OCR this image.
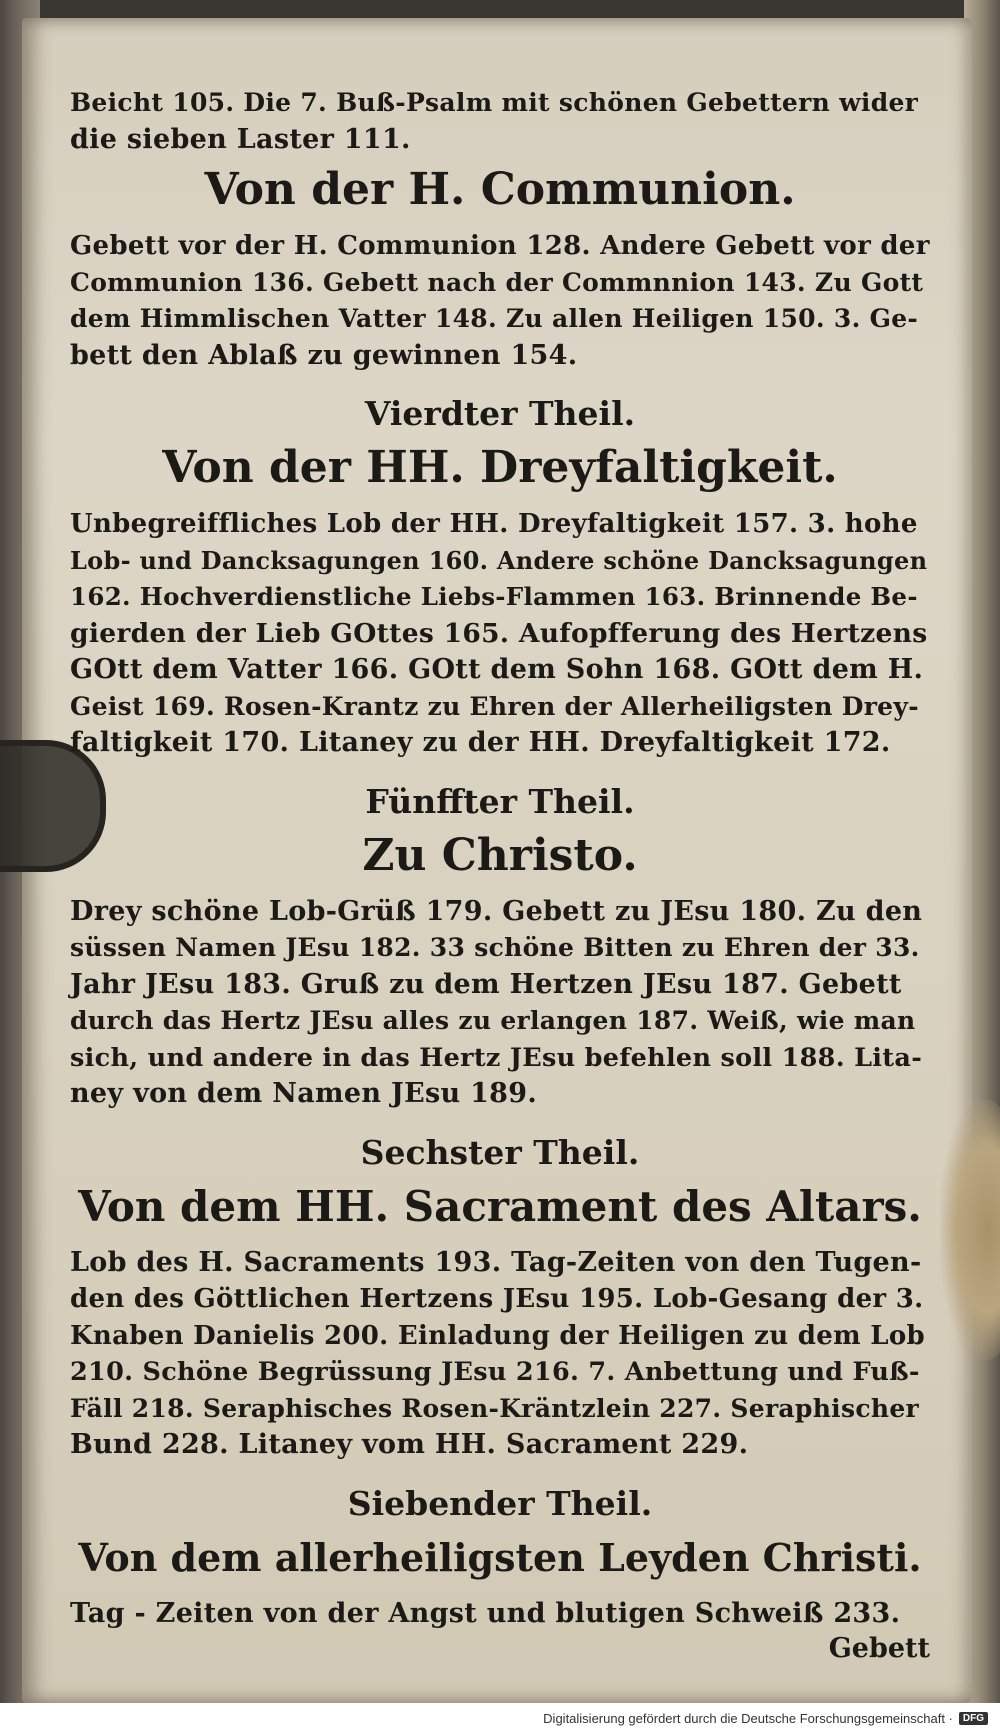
Beicht 105. Die 7. Buß-Psalm mit schönen Gebettern wider
die sieben Laster 111.

Von der H. Communion.

Gebett vor der H. Communion 128. Andere Gebett vor der
Communion 136. Gebett nach der Commnnion 143. Zu Gott
dem Himmlischen Vatter 148. Zu allen Heiligen 150. 3. Ge-
bett den Ablaß zu gewinnen 154.

Vierdter Theil.
Von der HH. Dreyfaltigkeit.

Unbegreiffliches Lob der HH. Dreyfaltigkeit 157. 3. hohe
Lob- und Dancksagungen 160. Andere schöne Dancksagungen
162. Hochverdienstliche Liebs-Flammen 163. Brinnende Be-
gierden der Lieb GOttes 165. Aufopfferung des Hertzens
GOtt dem Vatter 166. GOtt dem Sohn 168. GOtt dem H.
Geist 169. Rosen-Krantz zu Ehren der Allerheiligsten Drey-
faltigkeit 170. Litaney zu der HH. Dreyfaltigkeit 172.

Fünffter Theil.
Zu Christo.

Drey schöne Lob-Grüß 179. Gebett zu JEsu 180. Zu den
süssen Namen JEsu 182. 33 schöne Bitten zu Ehren der 33.
Jahr JEsu 183. Gruß zu dem Hertzen JEsu 187. Gebett
durch das Hertz JEsu alles zu erlangen 187. Weiß, wie man
sich, und andere in das Hertz JEsu befehlen soll 188. Lita-
ney von dem Namen JEsu 189.

Sechster Theil.
Von dem HH. Sacrament des Altars.

Lob des H. Sacraments 193. Tag-Zeiten von den Tugen-
den des Göttlichen Hertzens JEsu 195. Lob-Gesang der 3.
Knaben Danielis 200. Einladung der Heiligen zu dem Lob
210. Schöne Begrüssung JEsu 216. 7. Anbettung und Fuß-
Fäll 218. Seraphisches Rosen-Kräntzlein 227. Seraphischer
Bund 228. Litaney vom HH. Sacrament 229.

Siebender Theil.
Von dem allerheiligsten Leyden Christi.

Tag - Zeiten von der Angst und blutigen Schweiß 233.

Gebett
Digitalisierung gefördert durch die Deutsche Forschungsgemeinschaft ·	DFG
